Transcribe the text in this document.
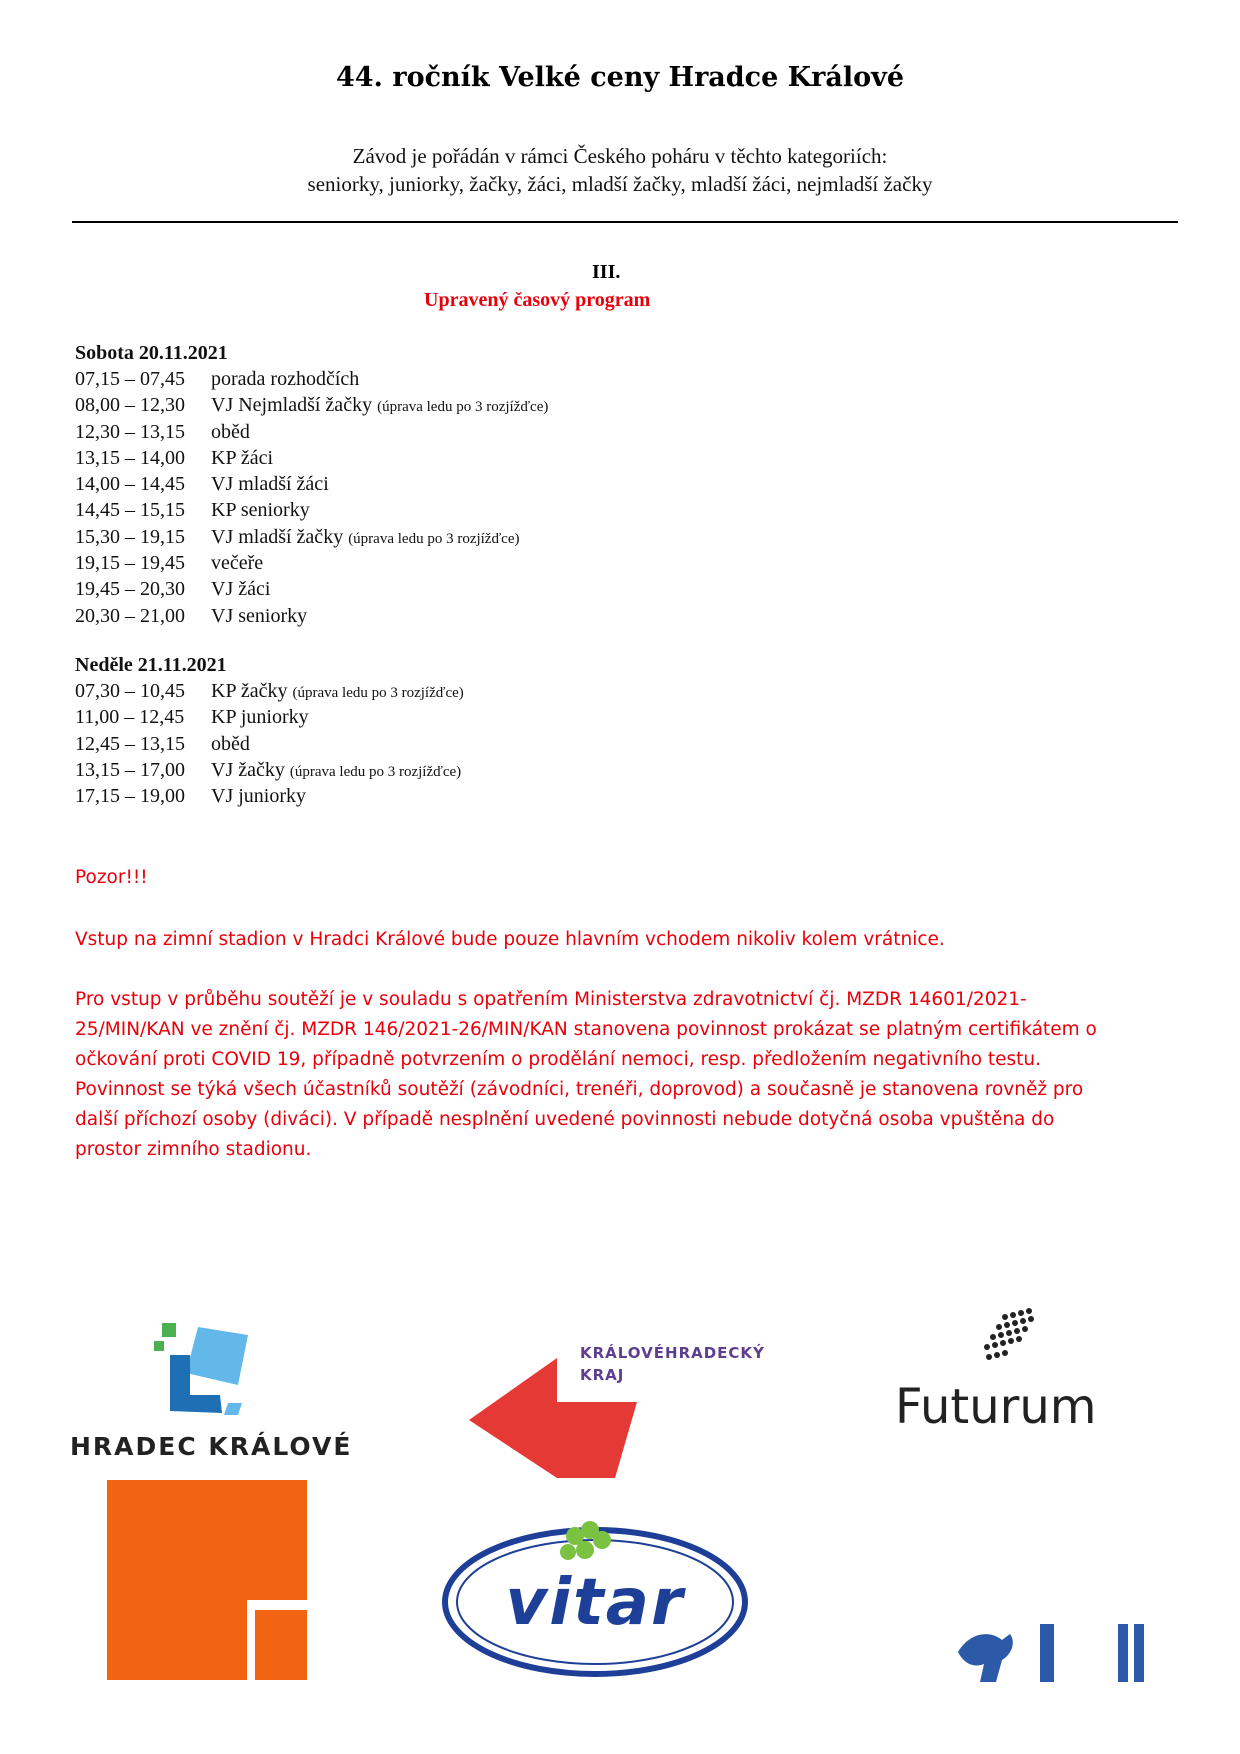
44. ročník Velké ceny Hradce Králové
Závod je pořádán v rámci Českého poháru v těchto kategoriích:
seniorky, juniorky, žačky, žáci, mladší žačky, mladší žáci, nejmladší žačky
III.
Upravený časový program
Sobota 20.11.2021
07,15 – 07,45 porada rozhodčích
08,00 – 12,30 VJ Nejmladší žačky (úprava ledu po 3 rozjížďce)
12,30 – 13,15 oběd
13,15 – 14,00 KP žáci
14,00 – 14,45 VJ mladší žáci
14,45 – 15,15 KP seniorky
15,30 – 19,15 VJ mladší žačky (úprava ledu po 3 rozjížďce)
19,15 – 19,45 večeře
19,45 – 20,30 VJ žáci
20,30 – 21,00 VJ seniorky
Neděle 21.11.2021
07,30 – 10,45 KP žačky (úprava ledu po 3 rozjížďce)
11,00 – 12,45 KP juniorky
12,45 – 13,15 oběd
13,15 – 17,00 VJ žačky (úprava ledu po 3 rozjížďce)
17,15 – 19,00 VJ juniorky
Pozor!!!
Vstup na zimní stadion v Hradci Králové bude pouze hlavním vchodem nikoliv kolem vrátnice.
Pro vstup v průběhu soutěží je v souladu s opatřením Ministerstva zdravotnictví čj. MZDR 14601/2021-25/MIN/KAN ve znění čj. MZDR 146/2021-26/MIN/KAN stanovena povinnost prokázat se platným certifikátem o očkování proti COVID 19, případně potvrzením o prodělání nemoci, resp. předložením negativního testu. Povinnost se týká všech účastníků soutěží (závodníci, trenéři, doprovod) a současně je stanovena rovněž pro další příchozí osoby (diváci). V případě nesplnění uvedené povinnosti nebude dotyčná osoba vpuštěna do prostor zimního stadionu.
HRADEC KRÁLOVÉ
KRÁLOVÉHRADECKÝ
KRAJ
Futurum
vitar
